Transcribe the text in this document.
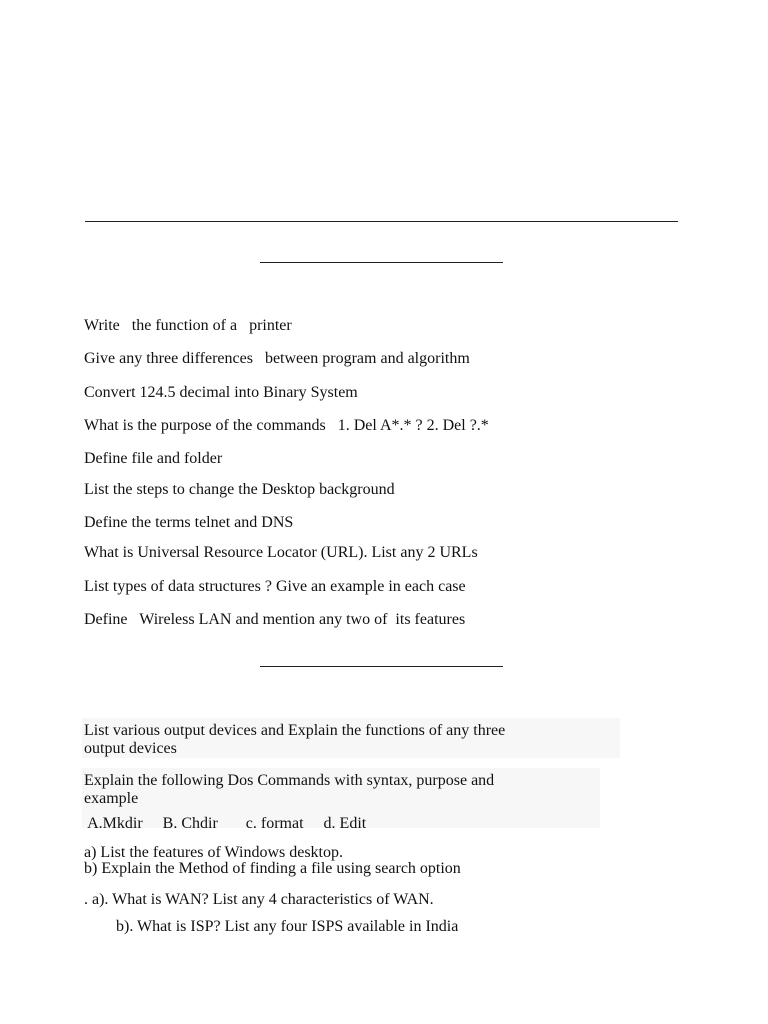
Write   the function of a   printer
Give any three differences   between program and algorithm
Convert 124.5 decimal into Binary System
What is the purpose of the commands   1. Del A*.* ? 2. Del ?.*
Define file and folder
List the steps to change the Desktop background
Define the terms telnet and DNS
What is Universal Resource Locator (URL). List any 2 URLs
List types of data structures ? Give an example in each case
Define   Wireless LAN and mention any two of  its features
List various output devices and Explain the functions of any three
output devices
Explain the following Dos Commands with syntax, purpose and
example
A.Mkdir     B. Chdir       c. format     d. Edit
a) List the features of Windows desktop.
b) Explain the Method of finding a file using search option
. a). What is WAN? List any 4 characteristics of WAN.
b). What is ISP? List any four ISPS available in India
